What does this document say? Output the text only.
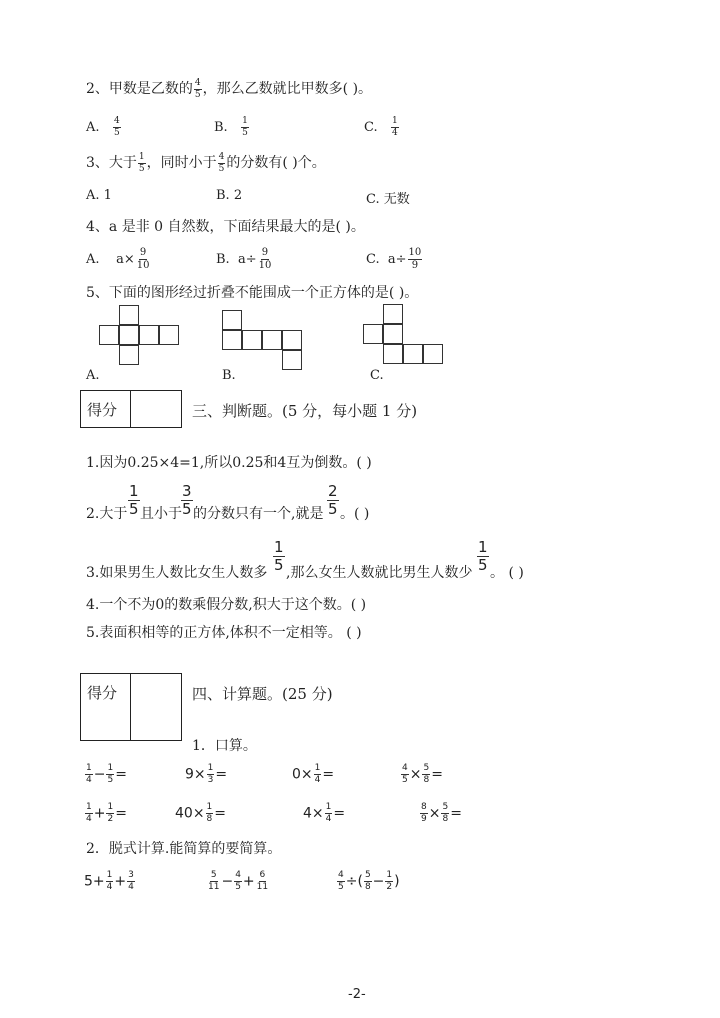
2、甲数是乙数的 $\frac{4}{5}$ ，那么乙数就比甲数多( )。
A. $\frac{4}{5}$	B. $\frac{1}{5}$	C. $\frac{1}{4}$
3、大于 $\frac{1}{5}$ ，同时小于 $\frac{4}{5}$ 的分数有( )个。
A. 1	B. 2	C. 无数
4、a 是非 0 自然数，下面结果最大的是( )。
A. $a\times \frac{9}{10}$	B. $a\div \frac{9}{10}$	C. $a\div \frac{10}{9}$
5、下面的图形经过折叠不能围成一个正方体的是( )。
A.	B.	C.
得分	三、判断题。(5 分，每小题 1 分)
1.因为0.25×4=1,所以0.25和4互为倒数。( )
2.大于
1
5 且小于
3
5 的分数只有一个,就是
2
5 。( )
3.如果男生人数比女生人数多
1
5 ,那么女生人数就比男生人数少
1
5 。 ( )
4.一个不为0的数乘假分数,积大于这个数。( )
5.表面积相等的正方体,体积不一定相等。 ( )
得分	四、计算题。(25 分)
1．口算。
$\frac{1}{4} - \frac{1}{5}$ =	$9\times \frac{1}{3}$ =	$0\times \frac{1}{4}$ =	$\frac{4}{5} \times \frac{5}{8}$ =
$\frac{1}{4} + \frac{1}{2}$ =	$40\times \frac{1}{8}$ =	$4\times \frac{1}{4}$ =	$\frac{8}{9} \times \frac{5}{8}$ =
2．脱式计算.能简算的要简算。
$5+ \frac{1}{4} + \frac{3}{4}$	$\frac{5}{11} - \frac{4}{5} + \frac{6}{11}$	$\frac{4}{5}$ ÷( $\frac{5}{8} - \frac{1}{2}$ )
-2-
